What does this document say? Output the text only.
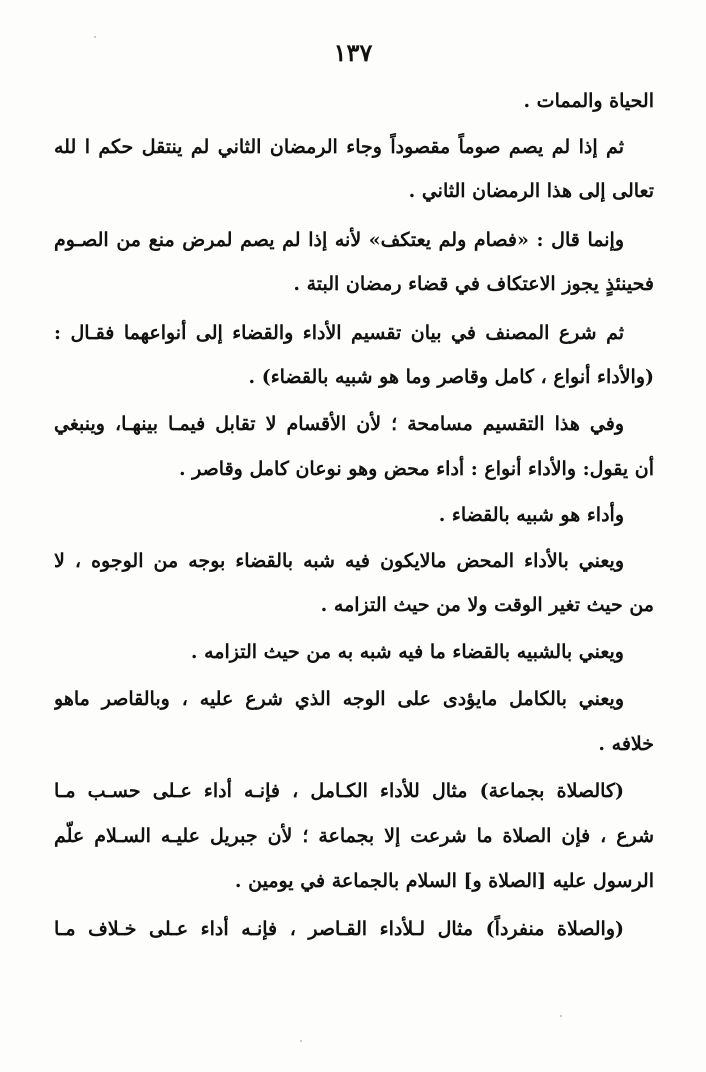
١٣٧
الحياة والممات .
ثم إذا لم يصم صوماً مقصوداً وجاء الرمضان الثاني لم ينتقل حكم ا لله
تعالى إلى هذا الرمضان الثاني .
وإنما قال : «فصام ولم يعتكف» لأنه إذا لم يصم لمرض منع من الصـوم
فحينئذٍ يجوز الاعتكاف في قضاء رمضان البتة .
ثم شرع المصنف في بيان تقسيم الأداء والقضاء إلى أنواعهما فقـال :
(والأداء أنواع ، كامل وقاصر وما هو شبيه بالقضاء) .
وفي هذا التقسيم مسامحة ؛ لأن الأقسام لا تقابل فيمـا بينهـا، وينبغي
أن يقول: والأداء أنواع : أداء محض وهو نوعان كامل وقاصر .
وأداء هو شبيه بالقضاء .
ويعني بالأداء المحض مالايكون فيه شبه بالقضاء بوجه من الوجوه ، لا
من حيث تغير الوقت ولا من حيث التزامه .
ويعني بالشبيه بالقضاء ما فيه شبه به من حيث التزامه .
ويعني بالكامل مايؤدى على الوجه الذي شرع عليه ، وبالقاصر ماهو
خلافه .
(كالصلاة بجماعة) مثال للأداء الكـامل ، فإنـه أداء عـلى حسـب مـا
شرع ، فإن الصلاة ما شرعت إلا بجماعة ؛ لأن جبريل عليـه السـلام علّم
الرسول عليه [الصلاة و] السلام بالجماعة في يومين .
(والصلاة منفرداً) مثال لـلأداء القـاصر ، فإنـه أداء عـلى خـلاف مـا
